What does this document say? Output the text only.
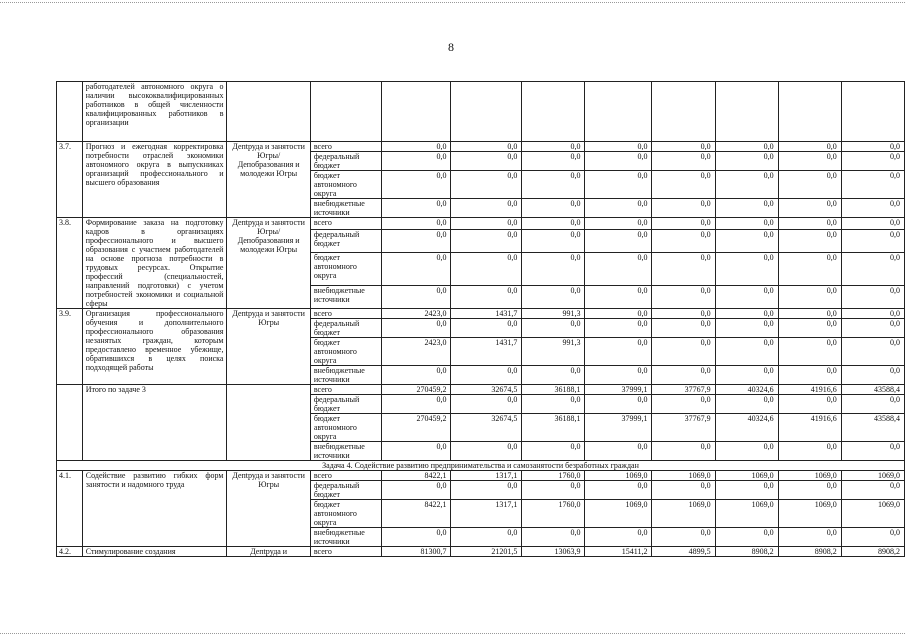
8
	работодателей автономного округа о наличии высококвалифицированных работников в общей численности квалифицированных работников в организации										
3.7.	Прогноз и ежегодная корректировка потребности отраслей экономики автономного округа в выпускниках организаций профессионального и высшего образования	Депtруда и занятости Югры/Депобразования и молодежи Югры	всего	0,0	0,0	0,0	0,0	0,0	0,0	0,0	0,0
			федеральный бюджет	0,0	0,0	0,0	0,0	0,0	0,0	0,0	0,0
			бюджет автономного округа	0,0	0,0	0,0	0,0	0,0	0,0	0,0	0,0
			внебюджетные источники	0,0	0,0	0,0	0,0	0,0	0,0	0,0	0,0
3.8.	Формирование заказа на подготовку кадров в организациях профессионального и высшего образования с участием работодателей на основе прогноза потребности в трудовых ресурсах. Открытие профессий (специальностей, направлений подготовки) с учетом потребностей экономики и социальной сферы	Депtруда и занятости Югры/Депобразования и молодежи Югры	всего	0,0	0,0	0,0	0,0	0,0	0,0	0,0	0,0
			федеральный бюджет	0,0	0,0	0,0	0,0	0,0	0,0	0,0	0,0
			бюджет автономного округа	0,0	0,0	0,0	0,0	0,0	0,0	0,0	0,0
			внебюджетные источники	0,0	0,0	0,0	0,0	0,0	0,0	0,0	0,0
3.9.	Организация профессионального обучения и дополнительного профессионального образования незанятых граждан, которым предоставлено временное убежище, обратившихся в целях поиска подходящей работы	Депtруда и занятости Югры	всего	2423,0	1431,7	991,3	0,0	0,0	0,0	0,0	0,0
			федеральный бюджет	0,0	0,0	0,0	0,0	0,0	0,0	0,0	0,0
			бюджет автономного округа	2423,0	1431,7	991,3	0,0	0,0	0,0	0,0	0,0
			внебюджетные источники	0,0	0,0	0,0	0,0	0,0	0,0	0,0	0,0
	Итого по задаче 3		всего	270459,2	32674,5	36188,1	37999,1	37767,9	40324,6	41916,6	43588,4
			федеральный бюджет	0,0	0,0	0,0	0,0	0,0	0,0	0,0	0,0
			бюджет автономного округа	270459,2	32674,5	36188,1	37999,1	37767,9	40324,6	41916,6	43588,4
			внебюджетные источники	0,0	0,0	0,0	0,0	0,0	0,0	0,0	0,0
Задача 4. Содействие развитию предпринимательства и самозанятости безработных граждан											
4.1.	Содействие развитию гибких форм занятости и надомного труда	Депtруда и занятости Югры	всего	8422,1	1317,1	1760,0	1069,0	1069,0	1069,0	1069,0	1069,0
			федеральный бюджет	0,0	0,0	0,0	0,0	0,0	0,0	0,0	0,0
			бюджет автономного округа	8422,1	1317,1	1760,0	1069,0	1069,0	1069,0	1069,0	1069,0
			внебюджетные источники	0,0	0,0	0,0	0,0	0,0	0,0	0,0	0,0
4.2.	Стимулирование создания	Депtруда и	всего	81300,7	21201,5	13063,9	15411,2	4899,5	8908,2	8908,2	8908,2
